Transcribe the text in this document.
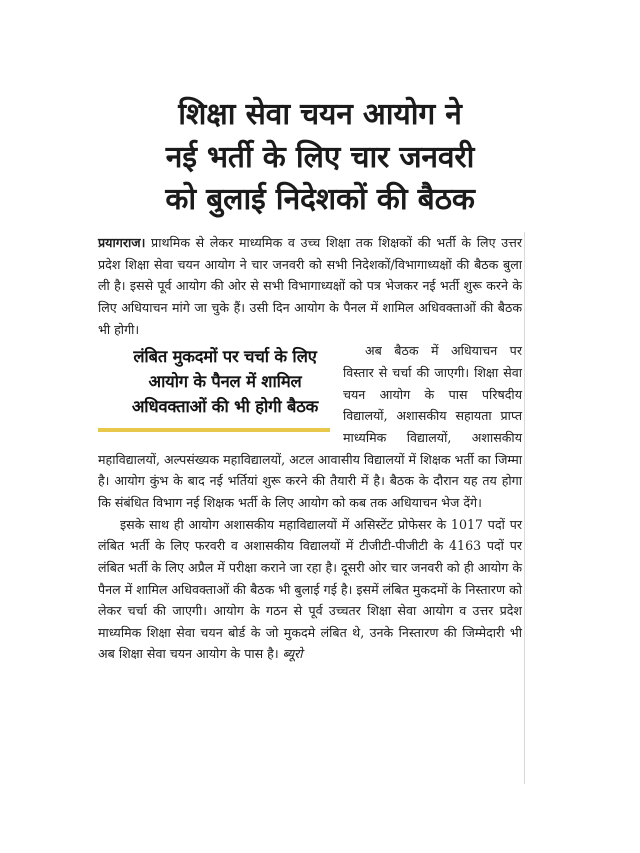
शिक्षा सेवा चयन आयोग ने
नई भर्ती के लिए चार जनवरी
को बुलाई निदेशकों की बैठक

प्रयागराज। प्राथमिक से लेकर माध्यमिक व उच्च शिक्षा तक शिक्षकों की भर्ती के लिए उत्तर प्रदेश शिक्षा सेवा चयन आयोग ने चार जनवरी को सभी निदेशकों/विभागाध्यक्षों की बैठक बुला ली है। इससे पूर्व आयोग की ओर से सभी विभागाध्यक्षों को पत्र भेजकर नई भर्ती शुरू करने के लिए अधियाचन मांगे जा चुके हैं। उसी दिन आयोग के पैनल में शामिल अधिवक्ताओं की बैठक भी होगी।

लंबित मुकदमों पर चर्चा के लिए
आयोग के पैनल में शामिल
अधिवक्ताओं की भी होगी बैठक
अब बैठक में अधियाचन पर विस्तार से चर्चा की जाएगी। शिक्षा सेवा चयन आयोग के पास परिषदीय विद्यालयों, अशासकीय सहायता प्राप्त माध्यमिक विद्यालयों, अशासकीय महाविद्यालयों, अल्पसंख्यक महाविद्यालयों, अटल आवासीय विद्यालयों में शिक्षक भर्ती का जिम्मा है। आयोग कुंभ के बाद नई भर्तियां शुरू करने की तैयारी में है। बैठक के दौरान यह तय होगा कि संबंधित विभाग नई शिक्षक भर्ती के लिए आयोग को कब तक अधियाचन भेज देंगे।

इसके साथ ही आयोग अशासकीय महाविद्यालयों में असिस्टेंट प्रोफेसर के 1017 पदों पर लंबित भर्ती के लिए फरवरी व अशासकीय विद्यालयों में टीजीटी-पीजीटी के 4163 पदों पर लंबित भर्ती के लिए अप्रैल में परीक्षा कराने जा रहा है। दूसरी ओर चार जनवरी को ही आयोग के पैनल में शामिल अधिवक्ताओं की बैठक भी बुलाई गई है। इसमें लंबित मुकदमों के निस्तारण को लेकर चर्चा की जाएगी। आयोग के गठन से पूर्व उच्चतर शिक्षा सेवा आयोग व उत्तर प्रदेश माध्यमिक शिक्षा सेवा चयन बोर्ड के जो मुकदमे लंबित थे, उनके निस्तारण की जिम्मेदारी भी अब शिक्षा सेवा चयन आयोग के पास है। ब्यूरो
